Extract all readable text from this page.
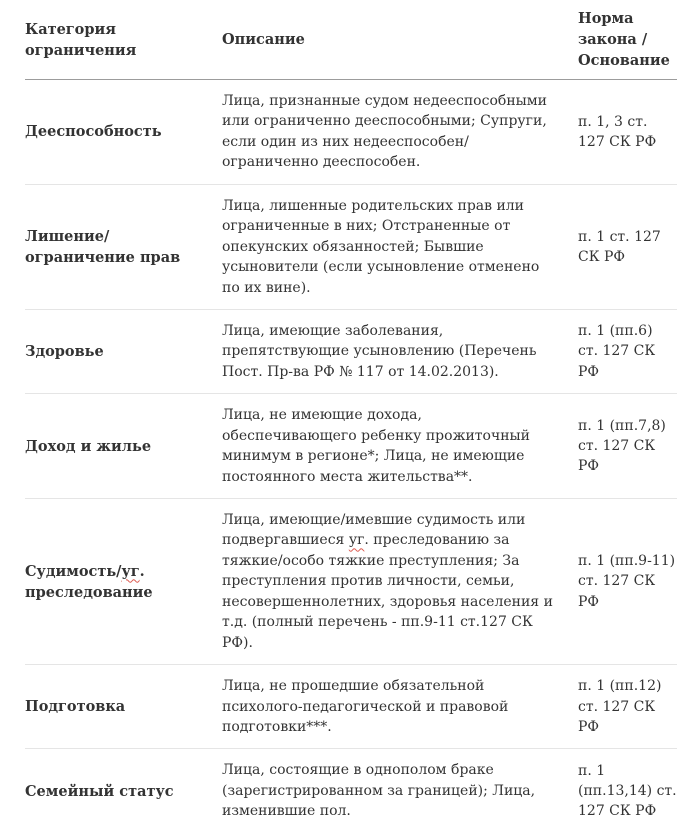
Категория ограничения
Описание
Норма закона / Основание
Дееспособность
Лица, признанные судом недееспособными или ограниченно дееспособными; Супруги, если один из них недееспособен/ограниченно дееспособен.
п. 1, 3 ст. 127 СК РФ
Лишение/ограничение прав
Лица, лишенные родительских прав или ограниченные в них; Отстраненные от опекунских обязанностей; Бывшие усыновители (если усыновление отменено по их вине).
п. 1 ст. 127 СК РФ
Здоровье
Лица, имеющие заболевания, препятствующие усыновлению (Перечень Пост. Пр-ва РФ № 117 от 14.02.2013).
п. 1 (пп.6) ст. 127 СК РФ
Доход и жилье
Лица, не имеющие дохода, обеспечивающего ребенку прожиточный минимум в регионе*; Лица, не имеющие постоянного места жительства**.
п. 1 (пп.7,8) ст. 127 СК РФ
Судимость/уг. преследование
Лица, имеющие/имевшие судимость или подвергавшиеся уг. преследованию за тяжкие/особо тяжкие преступления; За преступления против личности, семьи, несовершеннолетних, здоровья населения и т.д. (полный перечень - пп.9-11 ст.127 СК РФ).
п. 1 (пп.9-11) ст. 127 СК РФ
Подготовка
Лица, не прошедшие обязательной психолого-педагогической и правовой подготовки***.
п. 1 (пп.12) ст. 127 СК РФ
Семейный статус
Лица, состоящие в однополом браке (зарегистрированном за границей); Лица, изменившие пол.
п. 1 (пп.13,14) ст. 127 СК РФ
